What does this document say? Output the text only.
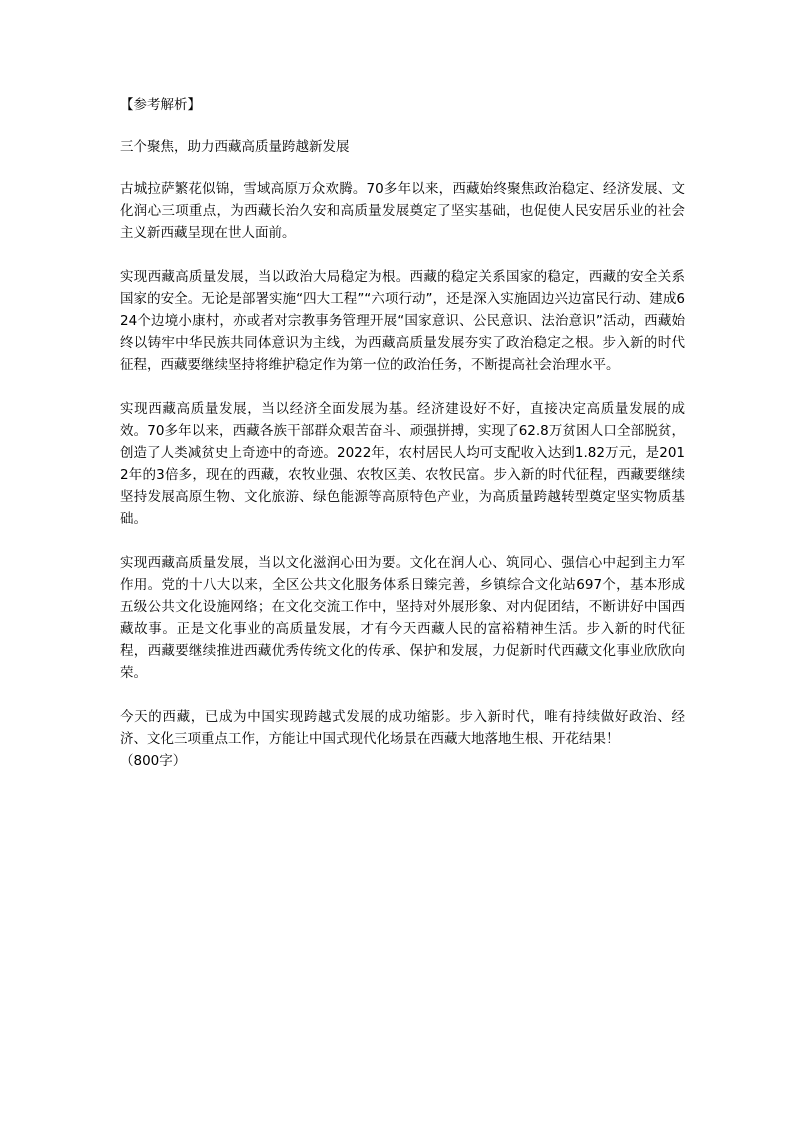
【参考解析】
三个聚焦，助力西藏高质量跨越新发展
古城拉萨繁花似锦，雪域高原万众欢腾。70多年以来，西藏始终聚焦政治稳定、经济发展、文化润心三项重点，为西藏长治久安和高质量发展奠定了坚实基础，也促使人民安居乐业的社会主义新西藏呈现在世人面前。
实现西藏高质量发展，当以政治大局稳定为根。西藏的稳定关系国家的稳定，西藏的安全关系国家的安全。无论是部署实施“四大工程”“六项行动”，还是深入实施固边兴边富民行动、建成624个边境小康村，亦或者对宗教事务管理开展“国家意识、公民意识、法治意识”活动，西藏始终以铸牢中华民族共同体意识为主线，为西藏高质量发展夯实了政治稳定之根。步入新的时代征程，西藏要继续坚持将维护稳定作为第一位的政治任务，不断提高社会治理水平。
实现西藏高质量发展，当以经济全面发展为基。经济建设好不好，直接决定高质量发展的成效。70多年以来，西藏各族干部群众艰苦奋斗、顽强拼搏，实现了62.8万贫困人口全部脱贫，创造了人类减贫史上奇迹中的奇迹。2022年，农村居民人均可支配收入达到1.82万元，是2012年的3倍多，现在的西藏，农牧业强、农牧区美、农牧民富。步入新的时代征程，西藏要继续坚持发展高原生物、文化旅游、绿色能源等高原特色产业，为高质量跨越转型奠定坚实物质基础。
实现西藏高质量发展，当以文化滋润心田为要。文化在润人心、筑同心、强信心中起到主力军作用。党的十八大以来，全区公共文化服务体系日臻完善，乡镇综合文化站697个，基本形成五级公共文化设施网络；在文化交流工作中，坚持对外展形象、对内促团结，不断讲好中国西藏故事。正是文化事业的高质量发展，才有今天西藏人民的富裕精神生活。步入新的时代征程，西藏要继续推进西藏优秀传统文化的传承、保护和发展，力促新时代西藏文化事业欣欣向荣。
今天的西藏，已成为中国实现跨越式发展的成功缩影。步入新时代，唯有持续做好政治、经济、文化三项重点工作，方能让中国式现代化场景在西藏大地落地生根、开花结果！
（800字）
